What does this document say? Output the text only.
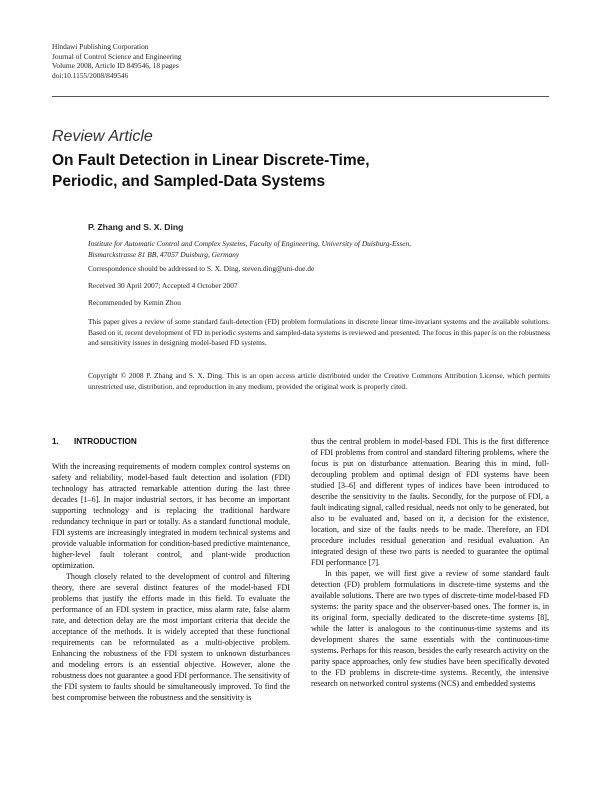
Hindawi Publishing Corporation
Journal of Control Science and Engineering
Volume 2008, Article ID 849546, 18 pages
doi:10.1155/2008/849546
Review Article
On Fault Detection in Linear Discrete-Time,
Periodic, and Sampled-Data Systems
P. Zhang and S. X. Ding
Institute for Automatic Control and Complex Systems, Faculty of Engineering, University of Duisburg-Essen,
Bismarckstrasse 81 BB, 47057 Duisburg, Germany
Correspondence should be addressed to S. X. Ding, steven.ding@uni-due.de
Received 30 April 2007; Accepted 4 October 2007
Recommended by Kemin Zhou
This paper gives a review of some standard fault-detection (FD) problem formulations in discrete linear time-invariant systems and the available solutions. Based on it, recent development of FD in periodic systems and sampled-data systems is reviewed and presented. The focus in this paper is on the robustness and sensitivity issues in designing model-based FD systems.
Copyright © 2008 P. Zhang and S. X. Ding. This is an open access article distributed under the Creative Commons Attribution License, which permits unrestricted use, distribution, and reproduction in any medium, provided the original work is properly cited.
1. INTRODUCTION

With the increasing requirements of modern complex control systems on safety and reliability, model-based fault detection and isolation (FDI) technology has attracted remarkable attention during the last three decades [1–6]. In major industrial sectors, it has become an important supporting technology and is replacing the traditional hardware redundancy technique in part or totally. As a standard functional module, FDI systems are increasingly integrated in modern technical systems and provide valuable information for condition-based predictive maintenance, higher-level fault tolerant control, and plant-wide production optimization.

Though closely related to the development of control and filtering theory, there are several distinct features of the model-based FDI problems that justify the efforts made in this field. To evaluate the performance of an FDI system in practice, miss alarm rate, false alarm rate, and detection delay are the most important criteria that decide the acceptance of the methods. It is widely accepted that these functional requirements can be reformulated as a multi-objective problem. Enhancing the robustness of the FDI system to unknown disturbances and modeling errors is an essential objective. However, alone the robustness does not guarantee a good FDI performance. The sensitivity of the FDI system to faults should be simultaneously improved. To find the best compromise between the robustness and the sensitivity is

thus the central problem in model-based FDI. This is the first difference of FDI problems from control and standard filtering problems, where the focus is put on disturbance attenuation. Bearing this in mind, full-decoupling problem and optimal design of FDI systems have been studied [3–6] and different types of indices have been introduced to describe the sensitivity to the faults. Secondly, for the purpose of FDI, a fault indicating signal, called residual, needs not only to be generated, but also to be evaluated and, based on it, a decision for the existence, location, and size of the faults needs to be made. Therefore, an FDI procedure includes residual generation and residual evaluation. An integrated design of these two parts is needed to guarantee the optimal FDI performance [7].

In this paper, we will first give a review of some standard fault detection (FD) problem formulations in discrete-time systems and the available solutions. There are two types of discrete-time model-based FD systems: the parity space and the observer-based ones. The former is, in its original form, specially dedicated to the discrete-time systems [8], while the latter is analogous to the continuous-time systems and its development shares the same essentials with the continuous-time systems. Perhaps for this reason, besides the early research activity on the parity space approaches, only few studies have been specifically devoted to the FD problems in discrete-time systems. Recently, the intensive research on networked control systems (NCS) and embedded systems
